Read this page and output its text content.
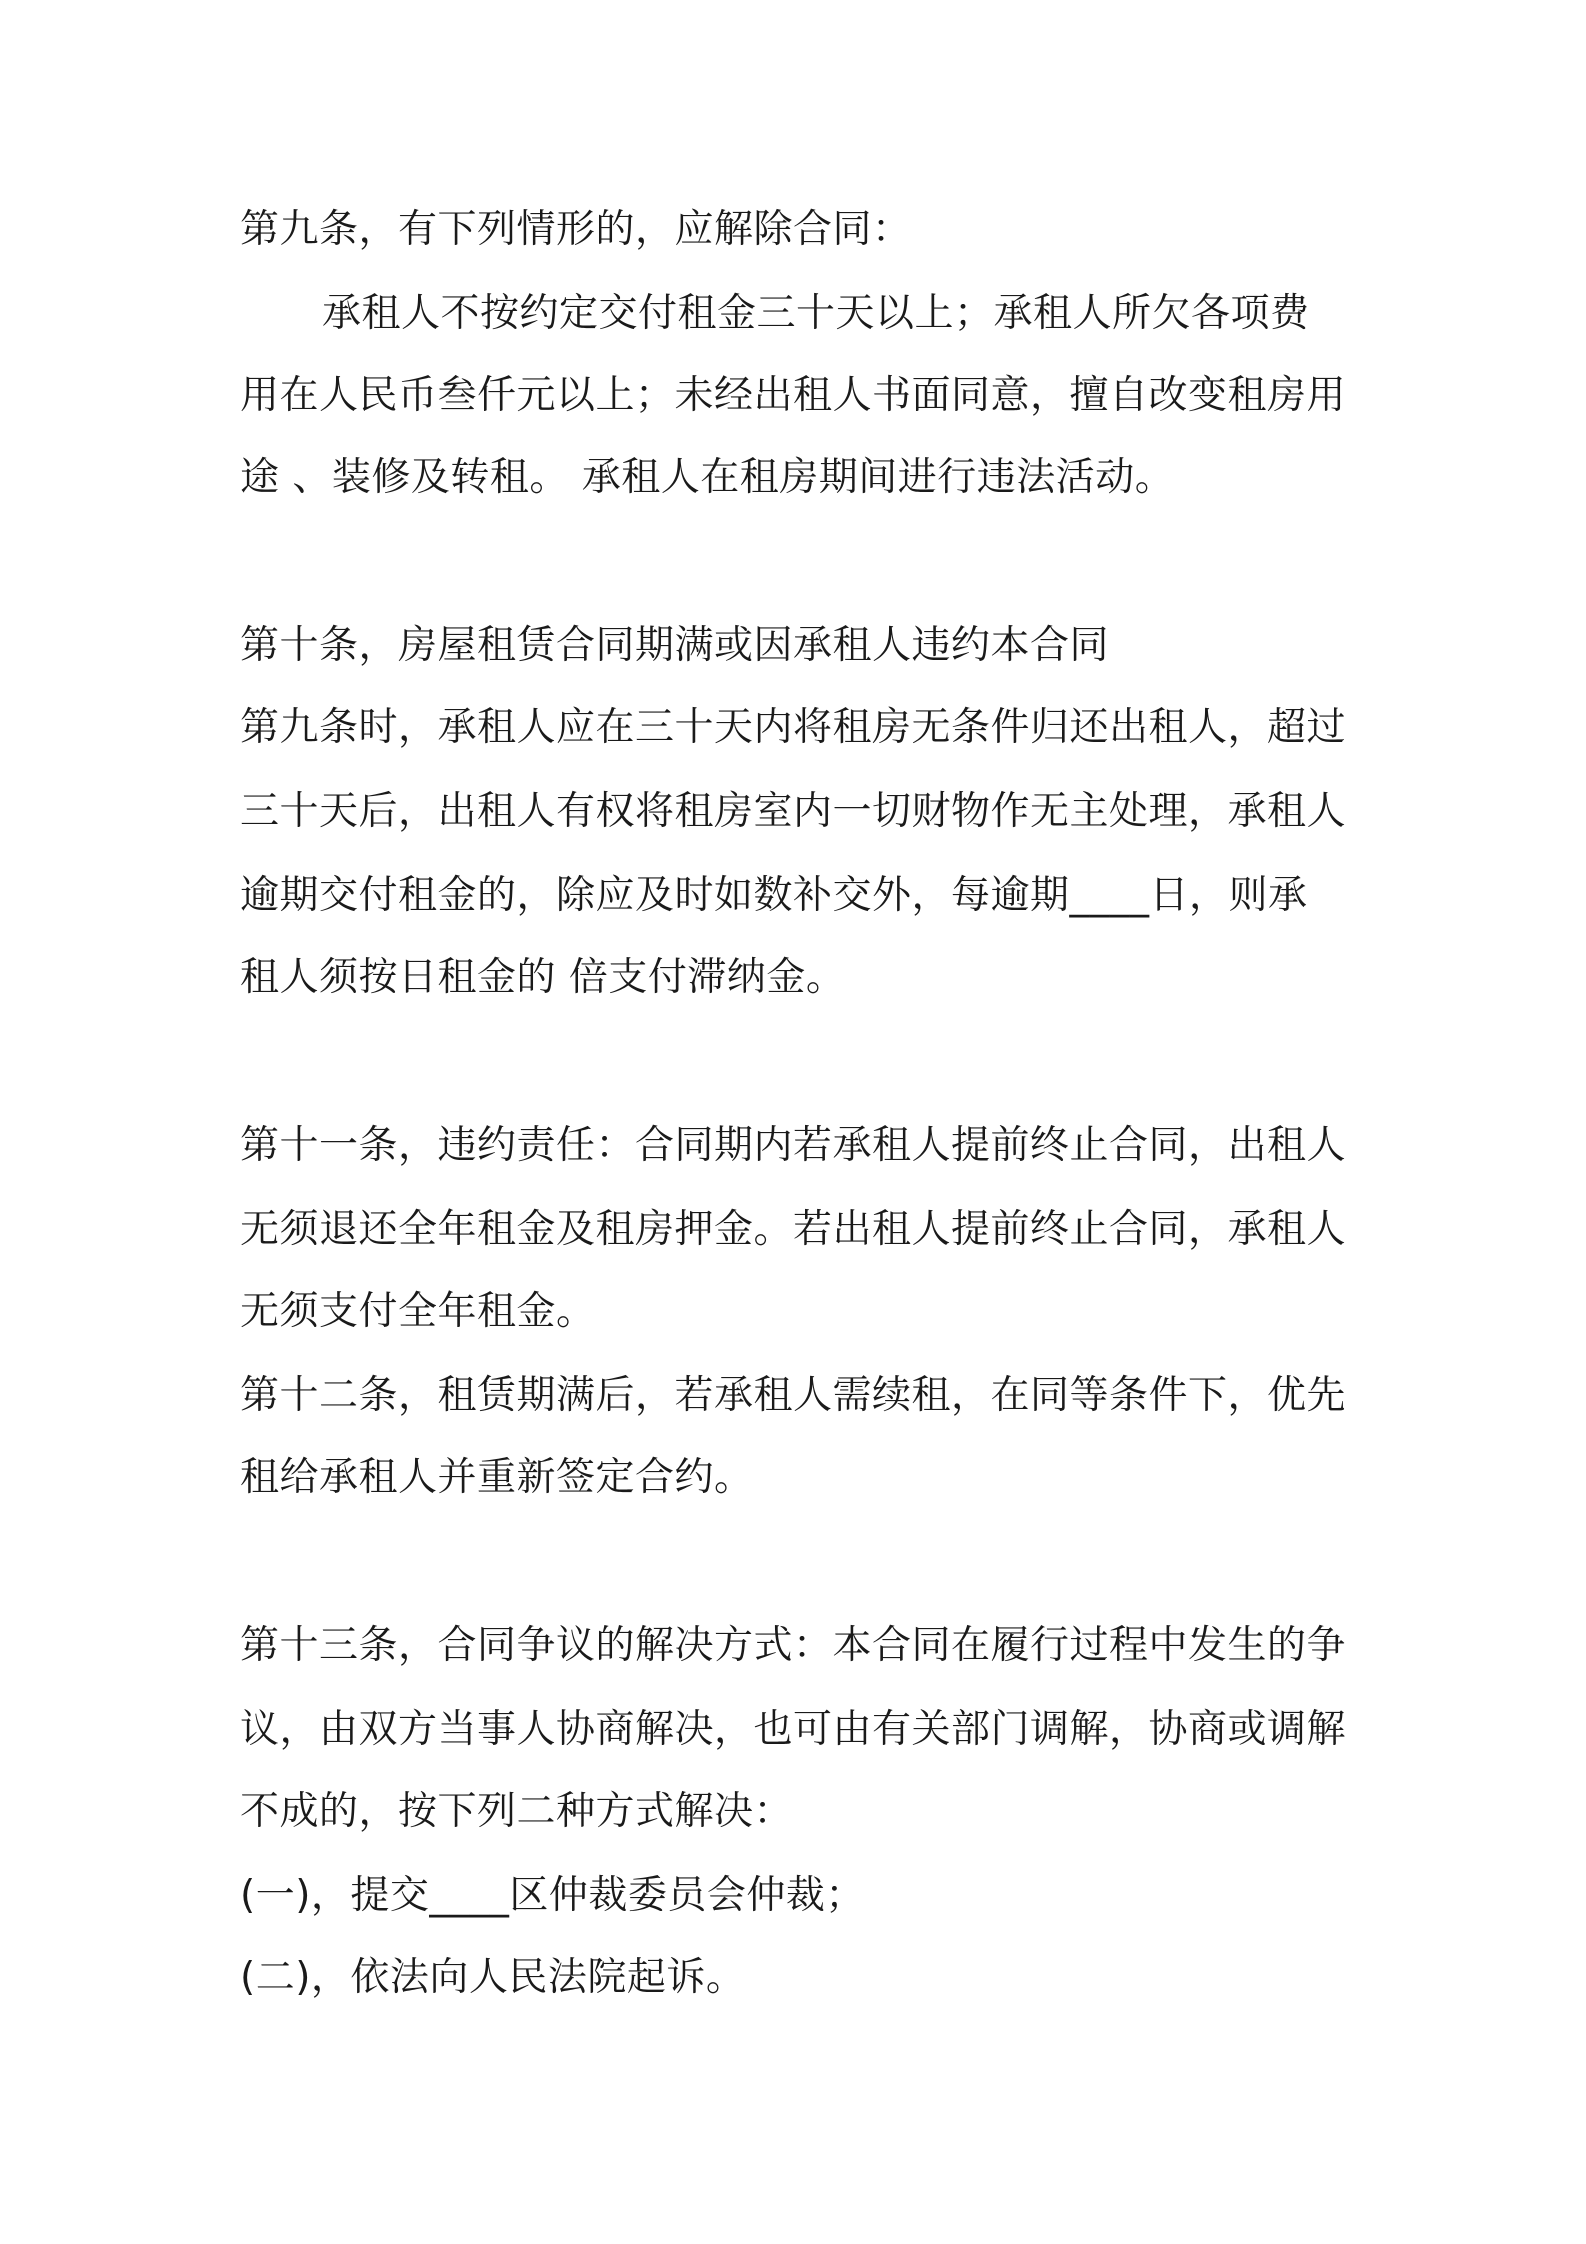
第九条，有下列情形的，应解除合同：

承租人不按约定交付租金三十天以上；承租人所欠各项费

用在人民币叁仟元以上；未经出租人书面同意，擅自改变租房用

途 、装修及转租。 承租人在租房期间进行违法活动。

第十条，房屋租赁合同期满或因承租人违约本合同

第九条时，承租人应在三十天内将租房无条件归还出租人，超过

三十天后，出租人有权将租房室内一切财物作无主处理，承租人

逾期交付租金的，除应及时如数补交外，每逾期____日，则承

租人须按日租金的 倍支付滞纳金。

第十一条，违约责任：合同期内若承租人提前终止合同，出租人

无须退还全年租金及租房押金。若出租人提前终止合同，承租人

无须支付全年租金。

第十二条，租赁期满后，若承租人需续租，在同等条件下，优先

租给承租人并重新签定合约。

第十三条，合同争议的解决方式：本合同在履行过程中发生的争

议，由双方当事人协商解决，也可由有关部门调解，协商或调解

不成的，按下列二种方式解决：

(一)，提交____区仲裁委员会仲裁；

(二)，依法向人民法院起诉。
